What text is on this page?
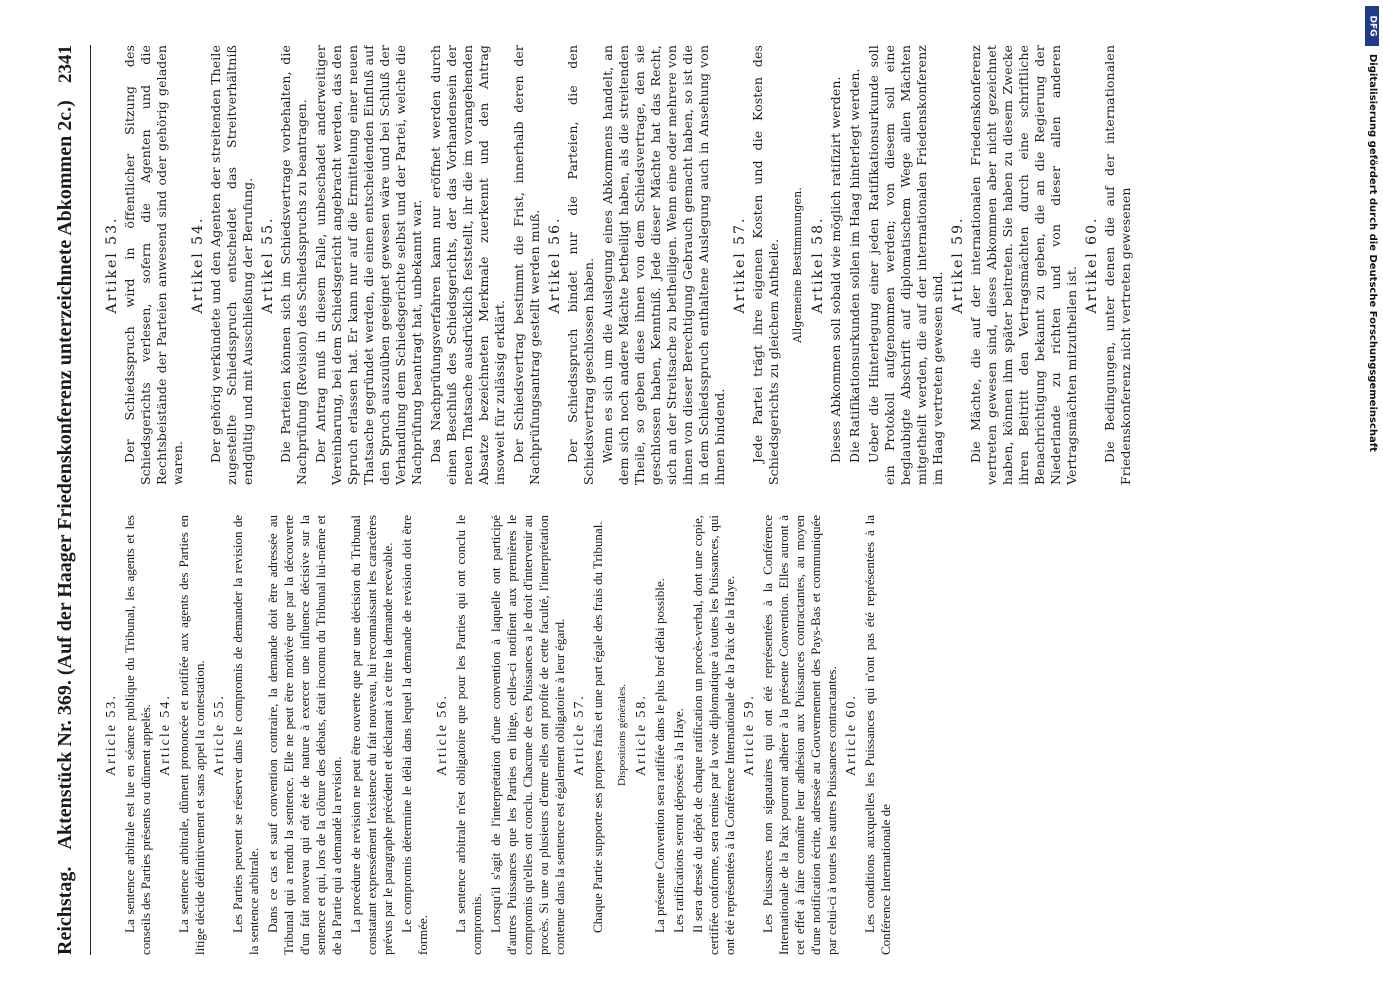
Reichstag.
Aktenstück Nr. 369. (Auf der Haager Friedenskonferenz unterzeichnete Abkommen 2c.)
2341
Article 53. La sentence arbitrale est lue en séance publique du Tribunal, les agents et les conseils des Parties présents ou dûment appelés. Article 54. La sentence arbitrale, dûment prononcée et notifiée aux agents des Parties en litige décide définitivement et sans appel la contestation. Article 55. Les Parties peuvent se réserver dans le compromis de demander la revision de la sentence arbitrale. Dans ce cas et sauf convention contraire, la demande doit être adressée au Tribunal qui a rendu la sentence. Elle ne peut être motivée que par la découverte d'un fait nouveau qui eût été de nature à exercer une influence décisive sur la sentence et qui, lors de la clôture des débats, était inconnu du Tribunal lui-même et de la Partie qui a demandé la revision. La procédure de revision ne peut être ouverte que par une décision du Tribunal constatant expressément l'existence du fait nouveau, lui reconnaissant les caractères prévus par le paragraphe précédent et déclarant à ce titre la demande recevable. Le compromis détermine le délai dans lequel la demande de revision doit être formée.

Article 56. La sentence arbitrale n'est obligatoire que pour les Parties qui ont conclu le compromis. Lorsqu'il s'agit de l'interprétation d'une convention à laquelle ont participé d'autres Puissances que les Parties en litige, celles-ci notifient aux premières le compromis qu'elles ont conclu. Chacune de ces Puissances a le droit d'intervenir au procès. Si une ou plusieurs d'entre elles ont profité de cette faculté, l'interprétation contenue dans la sentence est également obligatoire à leur égard. Article 57. Chaque Partie supporte ses propres frais et une part égale des frais du Tribunal. Dispositions générales. Article 58. La présente Convention sera ratifiée dans le plus bref délai possible. Les ratifications seront déposées à la Haye. Il sera dressé du dépôt de chaque ratification un procès-verbal, dont une copie, certifiée conforme, sera remise par la voie diplomatique à toutes les Puissances, qui ont été représentées à la Conférence Internationale de la Paix de la Haye. Article 59. Les Puissances non signataires qui ont été représentées à la Conférence Internationale de la Paix pourront adhérer à la présente Convention. Elles auront à cet effet à faire connaître leur adhésion aux Puissances contractantes, au moyen d'une notification écrite, adressée au Gouvernement des Pays-Bas et communiquée par celui-ci à toutes les autres Puissances contractantes. Article 60. Les conditions auxquelles les Puissances qui n'ont pas été représentées à la Conférence Internationale de

Artikel 53. Der Schiedsspruch wird in öffentlicher Sitzung des Schiedsgerichts verlesen, sofern die Agenten und die Rechtsbeistände der Parteien anwesend sind oder gehörig geladen waren.

Artikel 54. Der gehörig verkündete und den Agenten der streitenden Theile zugestellte Schiedsspruch entscheidet das Streitverhältniß endgültig und mit Ausschließung der Berufung. Artikel 55. Die Parteien können sich im Schiedsvertrage vorbehalten, die Nachprüfung (Revision) des Schiedsspruchs zu beantragen. Der Antrag muß in diesem Falle, unbeschadet anderweitiger Vereinbarung, bei dem Schiedsgericht angebracht werden, das den Spruch erlassen hat. Er kann nur auf die Ermittelung einer neuen Thatsache gegründet werden, die einen entscheidenden Einfluß auf den Spruch auszuüben geeignet gewesen wäre und bei Schluß der Verhandlung dem Schiedsgerichte selbst und der Partei, welche die Nachprüfung beantragt hat, unbekannt war. Das Nachprüfungsverfahren kann nur eröffnet werden durch einen Beschluß des Schiedsgerichts, der das Vorhandensein der neuen Thatsache ausdrücklich feststellt, ihr die im vorangehenden Absatze bezeichneten Merkmale zuerkennt und den Antrag insoweit für zulässig erklärt. Der Schiedsvertrag bestimmt die Frist, innerhalb deren der Nachprüfungsantrag gestellt werden muß. Artikel 56. Der Schiedsspruch bindet nur die Parteien, die den Schiedsvertrag geschlossen haben. Wenn es sich um die Auslegung eines Abkommens handelt, an dem sich noch andere Mächte betheiligt haben, als die streitenden Theile, so geben diese ihnen von dem Schiedsvertrage, den sie geschlossen haben, Kenntniß. Jede dieser Mächte hat das Recht, sich an der Streitsache zu betheiligen. Wenn eine oder mehrere von ihnen von dieser Berechtigung Gebrauch gemacht haben, so ist die in dem Schiedsspruch enthaltene Auslegung auch in Ansehung von ihnen bindend.

Artikel 57. Jede Partei trägt ihre eigenen Kosten und die Kosten des Schiedsgerichts zu gleichem Antheile. Allgemeine Bestimmungen. Artikel 58. Dieses Abkommen soll sobald wie möglich ratifizirt werden. Die Ratifikationsurkunden sollen im Haag hinterlegt werden. Ueber die Hinterlegung einer jeden Ratifikationsurkunde soll ein Protokoll aufgenommen werden; von diesem soll eine beglaubigte Abschrift auf diplomatischem Wege allen Mächten mitgetheilt werden, die auf der internationalen Friedenskonferenz im Haag vertreten gewesen sind.

Artikel 59. Die Mächte, die auf der internationalen Friedenskonferenz vertreten gewesen sind, dieses Abkommen aber nicht gezeichnet haben, können ihm später beitreten. Sie haben zu diesem Zwecke ihren Beitritt den Vertragsmächten durch eine schriftliche Benachrichtigung bekannt zu geben, die an die Regierung der Niederlande zu richten und von dieser allen anderen Vertragsmächten mitzutheilen ist.

Artikel 60. Die Bedingungen, unter denen die auf der internationalen Friedenskonferenz nicht vertreten gewesenen

DFG
Digitalisierung gefördert durch die Deutsche Forschungsgemeinschaft
